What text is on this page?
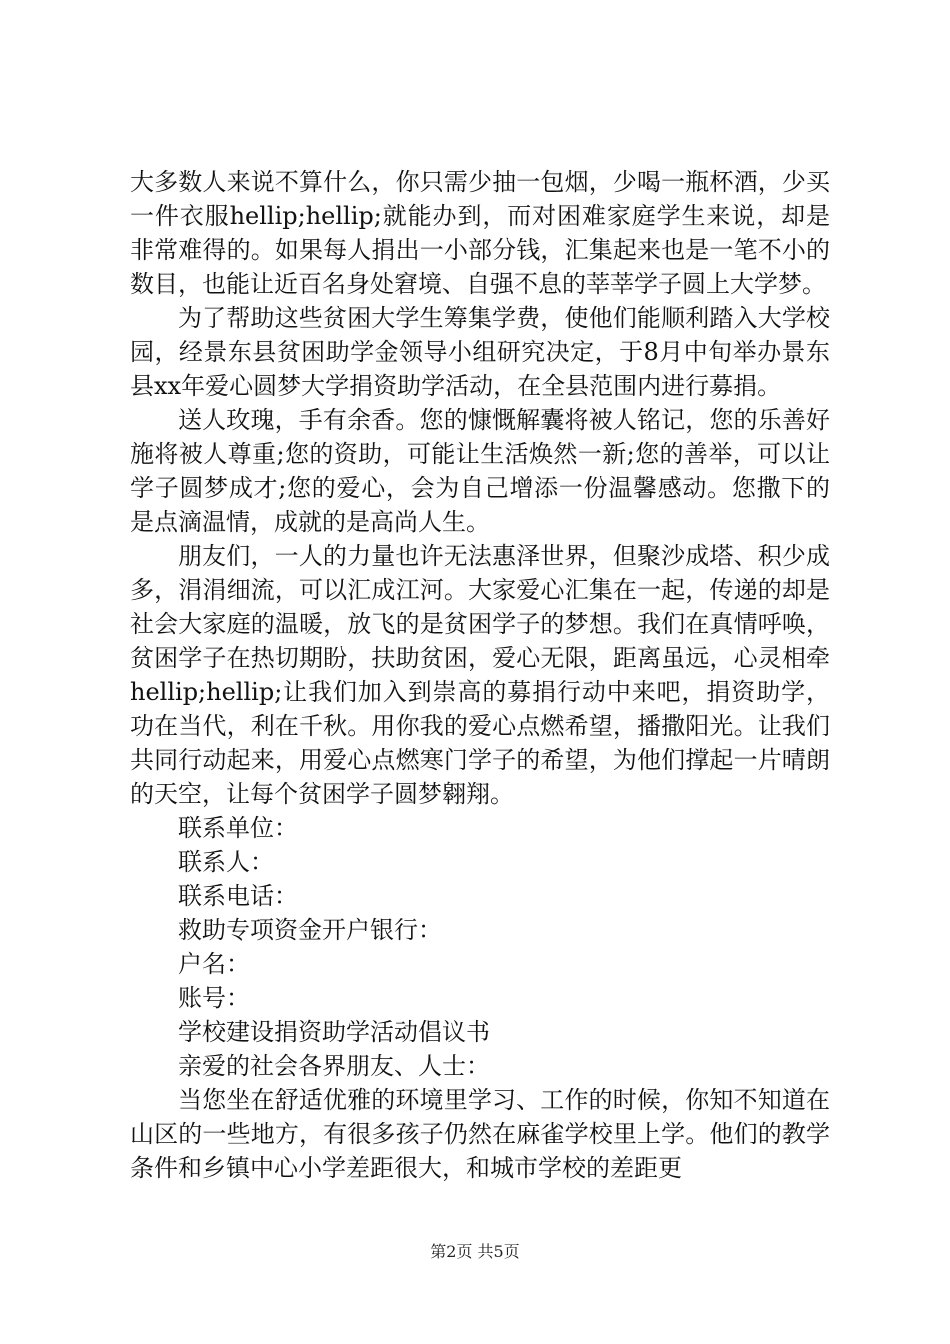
大多数人来说不算什么，你只需少抽一包烟，少喝一瓶杯酒，少买一件衣服hellip;hellip;就能办到，而对困难家庭学生来说，却是非常难得的。如果每人捐出一小部分钱，汇集起来也是一笔不小的数目，也能让近百名身处窘境、自强不息的莘莘学子圆上大学梦。

为了帮助这些贫困大学生筹集学费，使他们能顺利踏入大学校园，经景东县贫困助学金领导小组研究决定，于8月中旬举办景东县xx年爱心圆梦大学捐资助学活动，在全县范围内进行募捐。

送人玫瑰，手有余香。您的慷慨解囊将被人铭记，您的乐善好施将被人尊重;您的资助，可能让生活焕然一新;您的善举，可以让学子圆梦成才;您的爱心，会为自己增添一份温馨感动。您撒下的是点滴温情，成就的是高尚人生。

朋友们，一人的力量也许无法惠泽世界，但聚沙成塔、积少成多，涓涓细流，可以汇成江河。大家爱心汇集在一起，传递的却是社会大家庭的温暖，放飞的是贫困学子的梦想。我们在真情呼唤，贫困学子在热切期盼，扶助贫困，爱心无限，距离虽远，心灵相牵hellip;hellip;让我们加入到崇高的募捐行动中来吧，捐资助学，功在当代，利在千秋。用你我的爱心点燃希望，播撒阳光。让我们共同行动起来，用爱心点燃寒门学子的希望，为他们撑起一片晴朗的天空，让每个贫困学子圆梦翱翔。

联系单位：

联系人：

联系电话：

救助专项资金开户银行：

户名：

账号：

学校建设捐资助学活动倡议书

亲爱的社会各界朋友、人士：

当您坐在舒适优雅的环境里学习、工作的时候，你知不知道在山区的一些地方，有很多孩子仍然在麻雀学校里上学。他们的教学条件和乡镇中心小学差距很大，和城市学校的差距更

第2页 共5页
